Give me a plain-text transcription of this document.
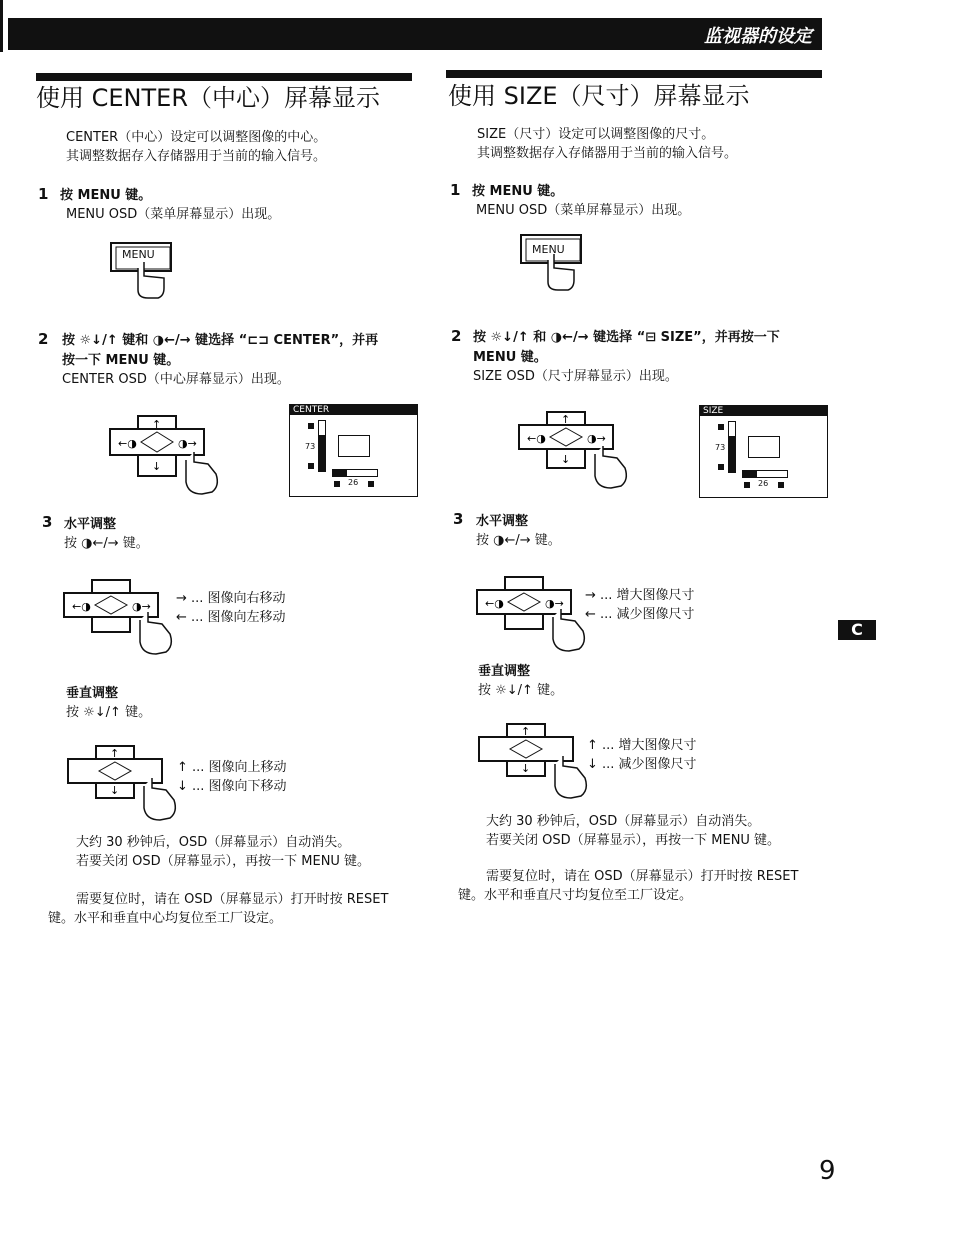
监视器的设定
使用 CENTER（中心）屏幕显示
CENTER（中心）设定可以调整图像的中心。
其调整数据存入存储器用于当前的输入信号。
1 按 MENU 键。
MENU OSD（菜单屏幕显示）出现。
MENU
2 按 ☼↓/↑ 键和 ◑←/→ 键选择 “⊏⊐ CENTER”，并再
按一下 MENU 键。
CENTER OSD（中心屏幕显示）出现。
←◑	◑→
↑
↓
CENTER
73
26
3 水平调整
按 ◑←/→ 键。
←◑	◑→
→ ... 图像向右移动
← ... 图像向左移动
垂直调整
按 ☼↓/↑ 键。
↑
↓
↑ ... 图像向上移动
↓ ... 图像向下移动
大约 30 秒钟后，OSD（屏幕显示）自动消失。
若要关闭 OSD（屏幕显示），再按一下 MENU 键。
需要复位时，请在 OSD（屏幕显示）打开时按 RESET
键。水平和垂直中心均复位至工厂设定。
使用 SIZE（尺寸）屏幕显示
SIZE（尺寸）设定可以调整图像的尺寸。
其调整数据存入存储器用于当前的输入信号。
1 按 MENU 键。
MENU OSD（菜单屏幕显示）出现。
MENU
2 按 ☼↓/↑ 和 ◑←/→ 键选择 “⊟ SIZE”，并再按一下
MENU 键。
SIZE OSD（尺寸屏幕显示）出现。
←◑	◑→
↑
↓
SIZE
73
26
3 水平调整
按 ◑←/→ 键。
←◑	◑→
→ ... 增大图像尺寸
← ... 减少图像尺寸
垂直调整
按 ☼↓/↑ 键。
↑
↓
↑ ... 增大图像尺寸
↓ ... 减少图像尺寸
大约 30 秒钟后，OSD（屏幕显示）自动消失。
若要关闭 OSD（屏幕显示），再按一下 MENU 键。
需要复位时，请在 OSD（屏幕显示）打开时按 RESET
键。水平和垂直尺寸均复位至工厂设定。
C
9
